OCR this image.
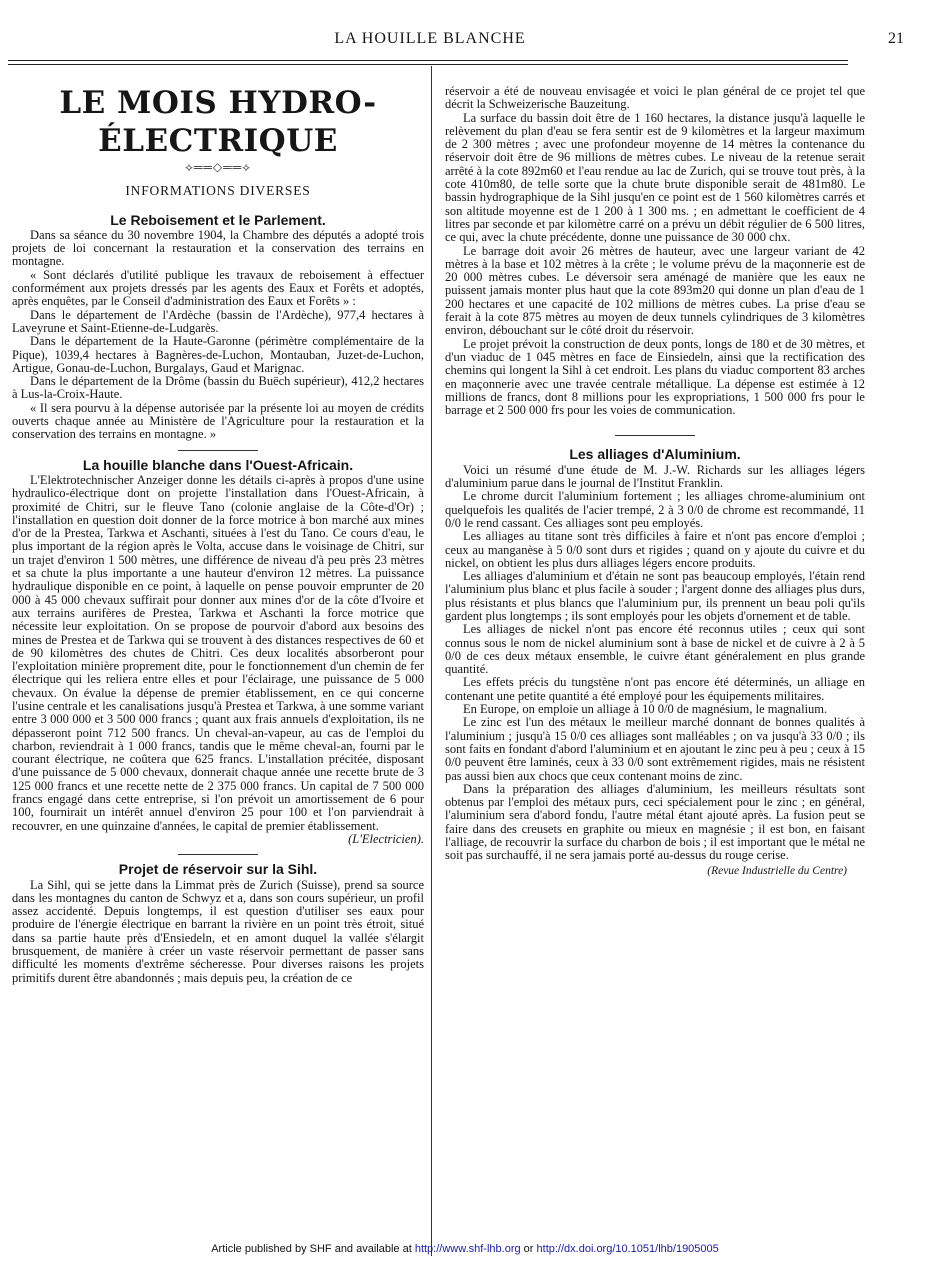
LA HOUILLE BLANCHE	21
LE MOIS HYDRO-ÉLECTRIQUE
⟡══◇══⟡
INFORMATIONS DIVERSES
Le Reboisement et le Parlement.

Dans sa séance du 30 novembre 1904, la Chambre des députés a adopté trois projets de loi concernant la restauration et la conservation des terrains en montagne.

« Sont déclarés d'utilité publique les travaux de reboisement à effectuer conformément aux projets dressés par les agents des Eaux et Forêts et adoptés, après enquêtes, par le Conseil d'administration des Eaux et Forêts » :

Dans le département de l'Ardèche (bassin de l'Ardèche), 977,4 hectares à Laveyrune et Saint-Etienne-de-Ludgarès.

Dans le département de la Haute-Garonne (périmètre complémentaire de la Pique), 1039,4 hectares à Bagnères-de-Luchon, Montauban, Juzet-de-Luchon, Artigue, Gonau-de-Luchon, Burgalays, Gaud et Marignac.

Dans le département de la Drôme (bassin du Buëch supérieur), 412,2 hectares à Lus-la-Croix-Haute.

« Il sera pourvu à la dépense autorisée par la présente loi au moyen de crédits ouverts chaque année au Ministère de l'Agriculture pour la restauration et la conservation des terrains en montagne. »

La houille blanche dans l'Ouest-Africain.

L'Elektrotechnischer Anzeiger donne les détails ci-après à propos d'une usine hydraulico-électrique dont on projette l'installation dans l'Ouest-Africain, à proximité de Chitri, sur le fleuve Tano (colonie anglaise de la Côte-d'Or) ; l'installation en question doit donner de la force motrice à bon marché aux mines d'or de la Prestea, Tarkwa et Aschanti, situées à l'est du Tano. Ce cours d'eau, le plus important de la région après le Volta, accuse dans le voisinage de Chitri, sur un trajet d'environ 1 500 mètres, une différence de niveau d'à peu près 23 mètres et sa chute la plus importante a une hauteur d'environ 12 mètres. La puissance hydraulique disponible en ce point, à laquelle on pense pouvoir emprunter de 20 000 à 45 000 chevaux suffirait pour donner aux mines d'or de la côte d'Ivoire et aux terrains aurifères de Prestea, Tarkwa et Aschanti la force motrice que nécessite leur exploitation. On se propose de pourvoir d'abord aux besoins des mines de Prestea et de Tarkwa qui se trouvent à des distances respectives de 60 et de 90 kilomètres des chutes de Chitri. Ces deux localités absorberont pour l'exploitation minière proprement dite, pour le fonctionnement d'un chemin de fer électrique qui les reliera entre elles et pour l'éclairage, une puissance de 5 000 chevaux. On évalue la dépense de premier établissement, en ce qui concerne l'usine centrale et les canalisations jusqu'à Prestea et Tarkwa, à une somme variant entre 3 000 000 et 3 500 000 francs ; quant aux frais annuels d'exploitation, ils ne dépasseront point 712 500 francs. Un cheval-an-vapeur, au cas de l'emploi du charbon, reviendrait à 1 000 francs, tandis que le même cheval-an, fourni par le courant électrique, ne coûtera que 625 francs. L'installation précitée, disposant d'une puissance de 5 000 chevaux, donnerait chaque année une recette brute de 3 125 000 francs et une recette nette de 2 375 000 francs. Un capital de 7 500 000 francs engagé dans cette entreprise, si l'on prévoit un amortissement de 6 pour 100, fournirait un intérêt annuel d'environ 25 pour 100 et l'on parviendrait à recouvrer, en une quinzaine d'années, le capital de premier établissement.

(L'Electricien).

Projet de réservoir sur la Sihl.

La Sihl, qui se jette dans la Limmat près de Zurich (Suisse), prend sa source dans les montagnes du canton de Schwyz et a, dans son cours supérieur, un profil assez accidenté. Depuis longtemps, il est question d'utiliser ses eaux pour produire de l'énergie électrique en barrant la rivière en un point très étroit, situé dans sa partie haute près d'Ensiedeln, et en amont duquel la vallée s'élargit brusquement, de manière à créer un vaste réservoir permettant de passer sans difficulté les moments d'extrême sécheresse. Pour diverses raisons les projets primitifs durent être abandonnés ; mais depuis peu, la création de ce

réservoir a été de nouveau envisagée et voici le plan général de ce projet tel que décrit la Schweizerische Bauzeitung.

La surface du bassin doit être de 1 160 hectares, la distance jusqu'à laquelle le relèvement du plan d'eau se fera sentir est de 9 kilomètres et la largeur maximum de 2 300 mètres ; avec une profondeur moyenne de 14 mètres la contenance du réservoir doit être de 96 millions de mètres cubes. Le niveau de la retenue serait arrêté à la cote 892m60 et l'eau rendue au lac de Zurich, qui se trouve tout près, à la cote 410m80, de telle sorte que la chute brute disponible serait de 481m80. Le bassin hydrographique de la Sihl jusqu'en ce point est de 1 560 kilomètres carrés et son altitude moyenne est de 1 200 à 1 300 ms. ; en admettant le coefficient de 4 litres par seconde et par kilomètre carré on a prévu un débit régulier de 6 500 litres, ce qui, avec la chute précédente, donne une puissance de 30 000 chx.

Le barrage doit avoir 26 mètres de hauteur, avec une largeur variant de 42 mètres à la base et 102 mètres à la crête ; le volume prévu de la maçonnerie est de 20 000 mètres cubes. Le déversoir sera aménagé de manière que les eaux ne puissent jamais monter plus haut que la cote 893m20 qui donne un plan d'eau de 1 200 hectares et une capacité de 102 millions de mètres cubes. La prise d'eau se ferait à la cote 875 mètres au moyen de deux tunnels cylindriques de 3 kilomètres environ, débouchant sur le côté droit du réservoir.

Le projet prévoit la construction de deux ponts, longs de 180 et de 30 mètres, et d'un viaduc de 1 045 mètres en face de Einsiedeln, ainsi que la rectification des chemins qui longent la Sihl à cet endroit. Les plans du viaduc comportent 83 arches en maçonnerie avec une travée centrale métallique. La dépense est estimée à 12 millions de francs, dont 8 millions pour les expropriations, 1 500 000 frs pour le barrage et 2 500 000 frs pour les voies de communication.

Les alliages d'Aluminium.

Voici un résumé d'une étude de M. J.-W. Richards sur les alliages légers d'aluminium parue dans le journal de l'Institut Franklin.

Le chrome durcit l'aluminium fortement ; les alliages chrome-aluminium ont quelquefois les qualités de l'acier trempé, 2 à 3 0/0 de chrome est recommandé, 11 0/0 le rend cassant. Ces alliages sont peu employés.

Les alliages au titane sont très difficiles à faire et n'ont pas encore d'emploi ; ceux au manganèse à 5 0/0 sont durs et rigides ; quand on y ajoute du cuivre et du nickel, on obtient les plus durs alliages légers encore produits.

Les alliages d'aluminium et d'étain ne sont pas beaucoup employés, l'étain rend l'aluminium plus blanc et plus facile à souder ; l'argent donne des alliages plus durs, plus résistants et plus blancs que l'aluminium pur, ils prennent un beau poli qu'ils gardent plus longtemps ; ils sont employés pour les objets d'ornement et de table.

Les alliages de nickel n'ont pas encore été reconnus utiles ; ceux qui sont connus sous le nom de nickel aluminium sont à base de nickel et de cuivre à 2 à 5 0/0 de ces deux métaux ensemble, le cuivre étant généralement en plus grande quantité.

Les effets précis du tungstène n'ont pas encore été déterminés, un alliage en contenant une petite quantité a été employé pour les équipements militaires.

En Europe, on emploie un alliage à 10 0/0 de magnésium, le magnalium.

Le zinc est l'un des métaux le meilleur marché donnant de bonnes qualités à l'aluminium ; jusqu'à 15 0/0 ces alliages sont malléables ; on va jusqu'à 33 0/0 ; ils sont faits en fondant d'abord l'aluminium et en ajoutant le zinc peu à peu ; ceux à 15 0/0 peuvent être laminés, ceux à 33 0/0 sont extrêmement rigides, mais ne résistent pas aussi bien aux chocs que ceux contenant moins de zinc.

Dans la préparation des alliages d'aluminium, les meilleurs résultats sont obtenus par l'emploi des métaux purs, ceci spécialement pour le zinc ; en général, l'aluminium sera d'abord fondu, l'autre métal étant ajouté après. La fusion peut se faire dans des creusets en graphite ou mieux en magnésie ; il est bon, en faisant l'alliage, de recouvrir la surface du charbon de bois ; il est important que le métal ne soit pas surchauffé, il ne sera jamais porté au-dessus du rouge cerise.

(Revue Industrielle du Centre)

Article published by SHF and available at http://www.shf-lhb.org or http://dx.doi.org/10.1051/lhb/1905005
